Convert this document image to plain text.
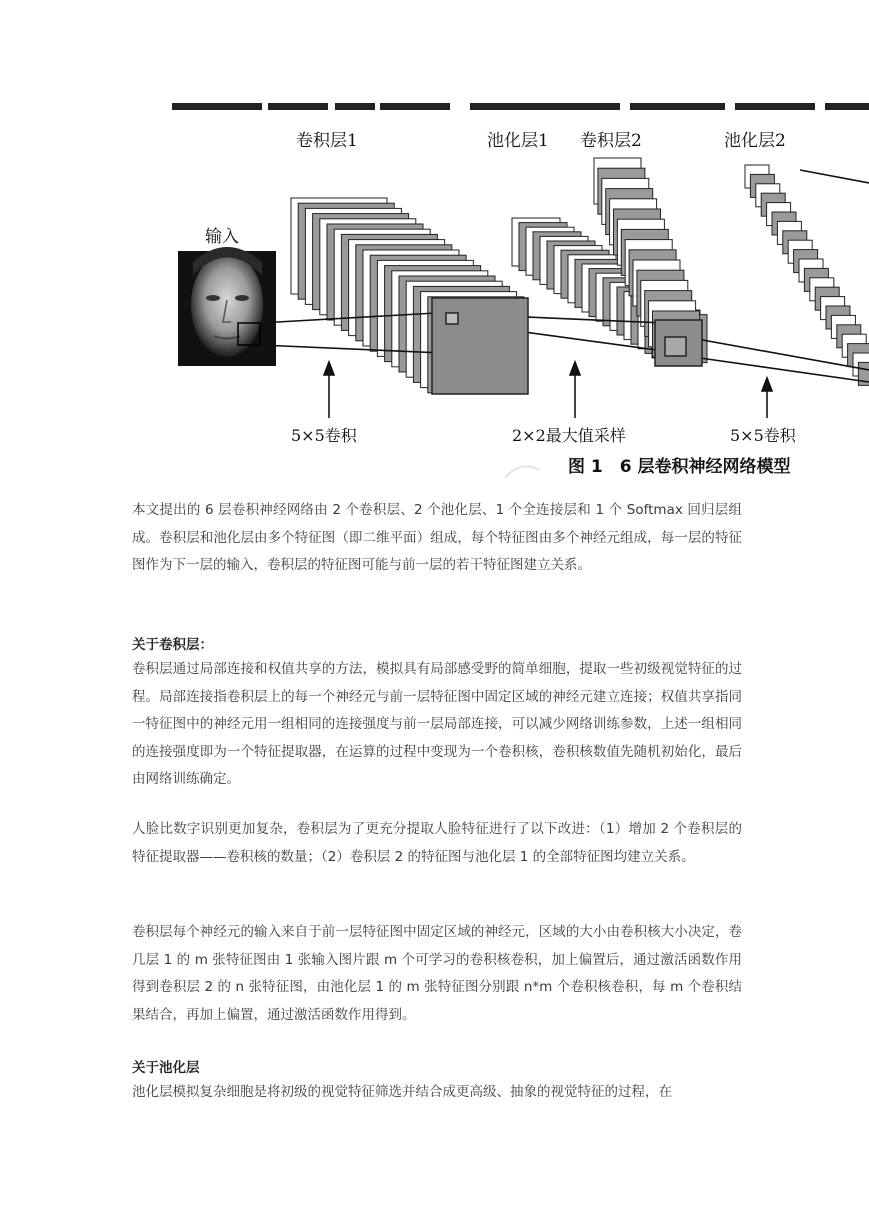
卷积层1	池化层1 卷积层2	池化层2
输入
5×5卷积	2×2最大值采样	5×5卷积
图 1　6 层卷积神经网络模型

本文提出的 6 层卷积神经网络由 2 个卷积层、2 个池化层、1 个全连接层和 1 个 Softmax 回归层组成。卷积层和池化层由多个特征图（即二维平面）组成，每个特征图由多个神经元组成，每一层的特征图作为下一层的输入，卷积层的特征图可能与前一层的若干特征图建立关系。

关于卷积层：

卷积层通过局部连接和权值共享的方法，模拟具有局部感受野的简单细胞，提取一些初级视觉特征的过程。局部连接指卷积层上的每一个神经元与前一层特征图中固定区域的神经元建立连接；权值共享指同一特征图中的神经元用一组相同的连接强度与前一层局部连接，可以减少网络训练参数，上述一组相同的连接强度即为一个特征提取器，在运算的过程中变现为一个卷积核，卷积核数值先随机初始化，最后由网络训练确定。

人脸比数字识别更加复杂，卷积层为了更充分提取人脸特征进行了以下改进：（1）增加 2 个卷积层的特征提取器——卷积核的数量；（2）卷积层 2 的特征图与池化层 1 的全部特征图均建立关系。

卷积层每个神经元的输入来自于前一层特征图中固定区域的神经元，区域的大小由卷积核大小决定，卷几层 1 的 m 张特征图由 1 张输入图片跟 m 个可学习的卷积核卷积，加上偏置后，通过激活函数作用得到卷积层 2 的 n 张特征图，由池化层 1 的 m 张特征图分别跟 n*m 个卷积核卷积，每 m 个卷积结果结合，再加上偏置，通过激活函数作用得到。

关于池化层

池化层模拟复杂细胞是将初级的视觉特征筛选并结合成更高级、抽象的视觉特征的过程，在
